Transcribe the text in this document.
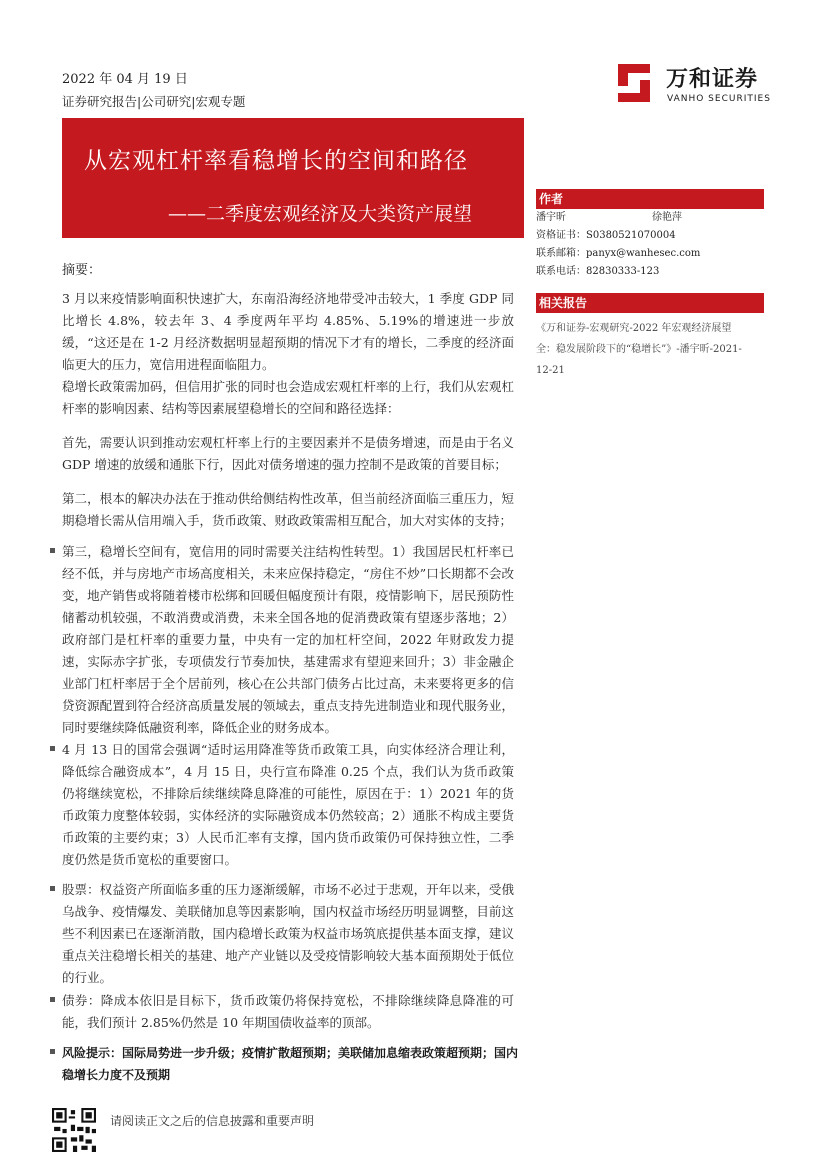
2022 年 04 月 19 日
证券研究报告|公司研究|宏观专题
万和证券
VANHO SECURITIES
从宏观杠杆率看稳增长的空间和路径
——二季度宏观经济及大类资产展望
作者
潘宇昕	徐艳萍
资格证书：S0380521070004
联系邮箱：panyx@wanhesec.com
联系电话：82830333-123
相关报告
《万和证券-宏观研究-2022 年宏观经济展望
全：稳发展阶段下的“稳增长”》-潘宇昕-2021-
12-21
摘要：
3 月以来疫情影响面积快速扩大，东南沿海经济地带受冲击较大，1 季度 GDP 同比增长 4.8%，较去年 3、4 季度两年平均 4.85%、5.19%的增速进一步放缓，“这还是在 1-2 月经济数据明显超预期的情况下才有的增长，二季度的经济面临更大的压力，宽信用进程面临阻力。
稳增长政策需加码，但信用扩张的同时也会造成宏观杠杆率的上行，我们从宏观杠杆率的影响因素、结构等因素展望稳增长的空间和路径选择：
首先，需要认识到推动宏观杠杆率上行的主要因素并不是债务增速，而是由于名义 GDP 增速的放缓和通胀下行，因此对债务增速的强力控制不是政策的首要目标；
第二，根本的解决办法在于推动供给侧结构性改革，但当前经济面临三重压力，短期稳增长需从信用端入手，货币政策、财政政策需相互配合，加大对实体的支持；
第三，稳增长空间有，宽信用的同时需要关注结构性转型。1）我国居民杠杆率已经不低，并与房地产市场高度相关，未来应保持稳定，“房住不炒”口长期都不会改变，地产销售或将随着楼市松绑和回暖但幅度预计有限，疫情影响下，居民预防性储蓄动机较强，不敢消费或消费，未来全国各地的促消费政策有望逐步落地；2）政府部门是杠杆率的重要力量，中央有一定的加杠杆空间，2022 年财政发力提速，实际赤字扩张，专项债发行节奏加快，基建需求有望迎来回升；3）非金融企业部门杠杆率居于全个居前列，核心在公共部门债务占比过高，未来要将更多的信贷资源配置到符合经济高质量发展的领域去，重点支持先进制造业和现代服务业，同时要继续降低融资利率，降低企业的财务成本。
4 月 13 日的国常会强调“适时运用降准等货币政策工具，向实体经济合理让利，降低综合融资成本”，4 月 15 日，央行宣布降准 0.25 个点，我们认为货币政策仍将继续宽松，不排除后续继续降息降准的可能性，原因在于：1）2021 年的货币政策力度整体较弱，实体经济的实际融资成本仍然较高；2）通胀不构成主要货币政策的主要约束；3）人民币汇率有支撑，国内货币政策仍可保持独立性，二季度仍然是货币宽松的重要窗口。
股票：权益资产所面临多重的压力逐渐缓解，市场不必过于悲观，开年以来，受俄乌战争、疫情爆发、美联储加息等因素影响，国内权益市场经历明显调整，目前这些不利因素已在逐渐消散，国内稳增长政策为权益市场筑底提供基本面支撑，建议重点关注稳增长相关的基建、地产产业链以及受疫情影响较大基本面预期处于低位的行业。
债券：降成本依旧是目标下，货币政策仍将保持宽松，不排除继续降息降准的可能，我们预计 2.85%仍然是 10 年期国债收益率的顶部。
风险提示：国际局势进一步升级；疫情扩散超预期；美联储加息缩表政策超预期；国内稳增长力度不及预期
请阅读正文之后的信息披露和重要声明
